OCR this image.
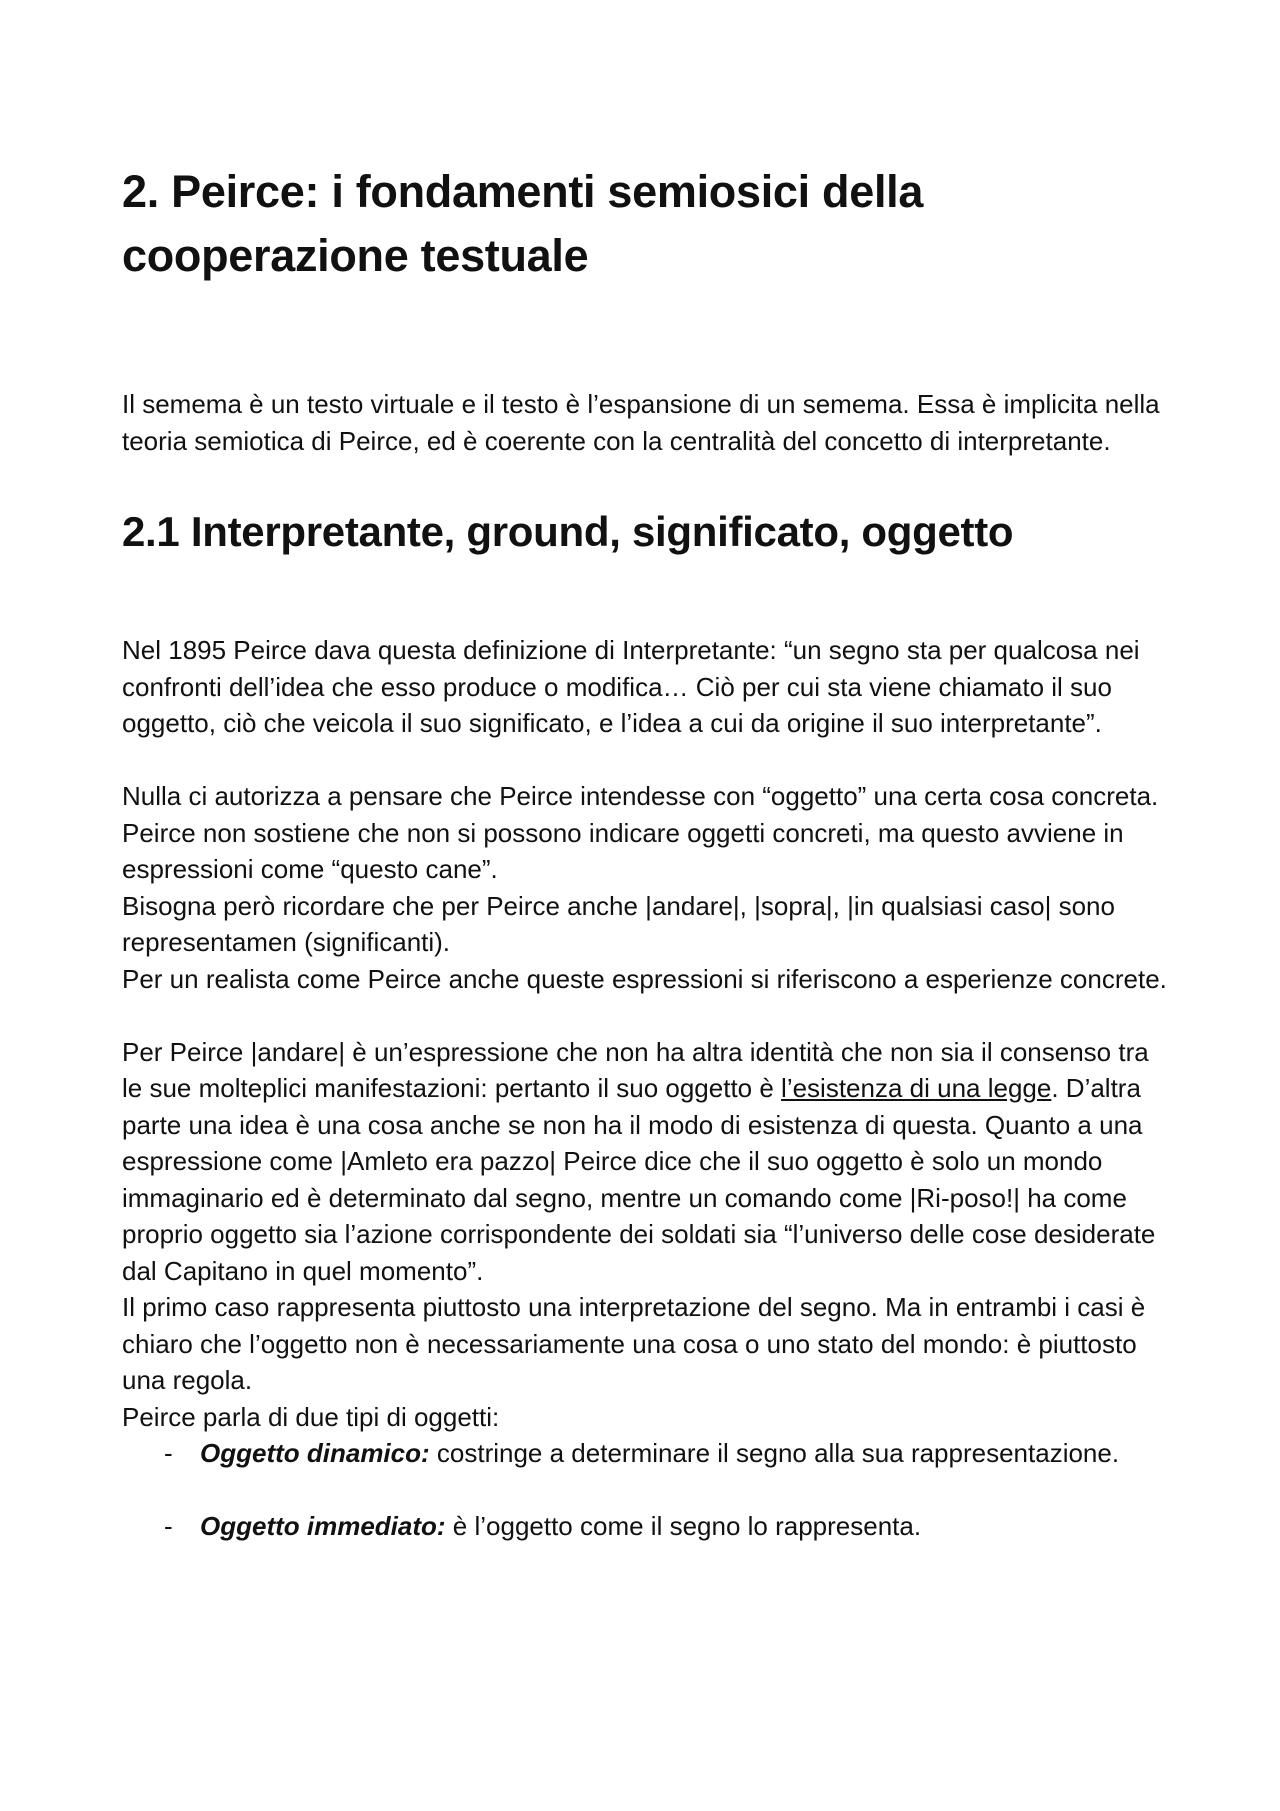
2. Peirce: i fondamenti semiosici della cooperazione testuale

Il semema è un testo virtuale e il testo è l’espansione di un semema. Essa è implicita nella teoria semiotica di Peirce, ed è coerente con la centralità del concetto di interpretante.

2.1 Interpretante, ground, significato, oggetto

Nel 1895 Peirce dava questa definizione di Interpretante: “un segno sta per qualcosa nei confronti dell’idea che esso produce o modifica… Ciò per cui sta viene chiamato il suo oggetto, ciò che veicola il suo significato, e l’idea a cui da origine il suo interpretante”.

Nulla ci autorizza a pensare che Peirce intendesse con “oggetto” una certa cosa concreta. Peirce non sostiene che non si possono indicare oggetti concreti, ma questo avviene in espressioni come “questo cane”.

Bisogna però ricordare che per Peirce anche |andare|, |sopra|, |in qualsiasi caso| sono representamen (significanti).

Per un realista come Peirce anche queste espressioni si riferiscono a esperienze concrete.

Per Peirce |andare| è un’espressione che non ha altra identità che non sia il consenso tra le sue molteplici manifestazioni: pertanto il suo oggetto è l’esistenza di una legge. D’altra parte una idea è una cosa anche se non ha il modo di esistenza di questa. Quanto a una espressione come |Amleto era pazzo| Peirce dice che il suo oggetto è solo un mondo immaginario ed è determinato dal segno, mentre un comando come |Ri-poso!| ha come proprio oggetto sia l’azione corrispondente dei soldati sia “l’universo delle cose desiderate dal Capitano in quel momento”.

Il primo caso rappresenta piuttosto una interpretazione del segno. Ma in entrambi i casi è chiaro che l’oggetto non è necessariamente una cosa o uno stato del mondo: è piuttosto una regola.

Peirce parla di due tipi di oggetti:

- Oggetto dinamico: costringe a determinare il segno alla sua rappresentazione.
- Oggetto immediato: è l’oggetto come il segno lo rappresenta.
